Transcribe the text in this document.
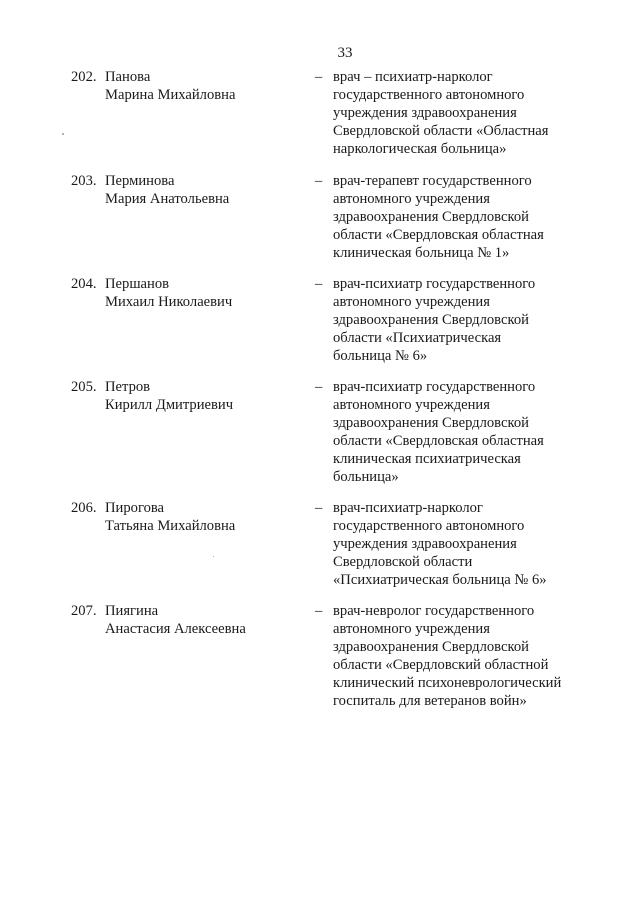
33
202. Панова
Марина Михайловна
– врач – психиатр-нарколог
государственного автономного
учреждения здравоохранения
Свердловской области «Областная
наркологическая больница»
203. Перминова
Мария Анатольевна
– врач-терапевт государственного
автономного учреждения
здравоохранения Свердловской
области «Свердловская областная
клиническая больница № 1»
204. Першанов
Михаил Николаевич
– врач-психиатр государственного
автономного учреждения
здравоохранения Свердловской
области «Психиатрическая
больница № 6»
205. Петров
Кирилл Дмитриевич
– врач-психиатр государственного
автономного учреждения
здравоохранения Свердловской
области «Свердловская областная
клиническая психиатрическая
больница»
206. Пирогова
Татьяна Михайловна
– врач-психиатр-нарколог
государственного автономного
учреждения здравоохранения
Свердловской области
«Психиатрическая больница № 6»
207. Пиягина
Анастасия Алексеевна
– врач-невролог государственного
автономного учреждения
здравоохранения Свердловской
области «Свердловский областной
клинический психоневрологический
госпиталь для ветеранов войн»
